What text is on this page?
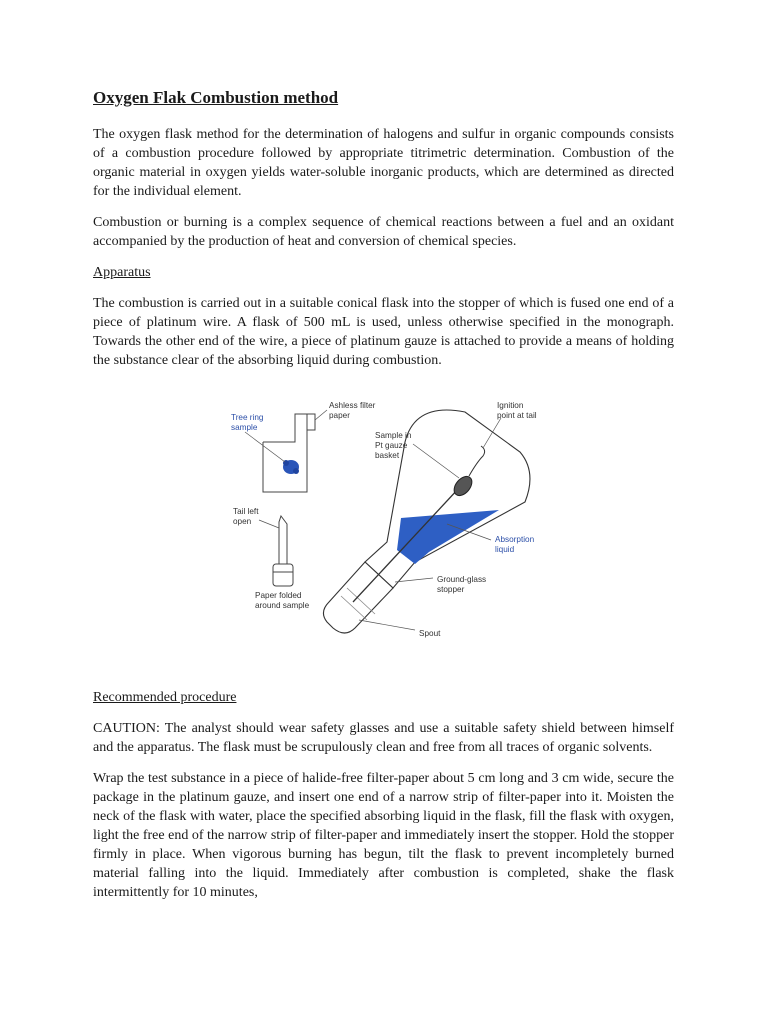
Oxygen Flak Combustion method

The oxygen flask method for the determination of halogens and sulfur in organic compounds consists of a combustion procedure followed by appropriate titrimetric determination. Combustion of the organic material in oxygen yields water-soluble inorganic products, which are determined as directed for the individual element.

Combustion or burning is a complex sequence of chemical reactions between a fuel and an oxidant accompanied by the production of heat and conversion of chemical species.

Apparatus

The combustion is carried out in a suitable conical flask into the stopper of which is fused one end of a piece of platinum wire. A flask of 500 mL is used, unless otherwise specified in the monograph. Towards the other end of the wire, a piece of platinum gauze is attached to provide a means of holding the substance clear of the absorbing liquid during combustion.

Tree ring
sample
Ashless filter
paper
Ignition
point at tail
Sample in
Pt gauze
basket
Tail left
open
Absorption
liquid
Ground-glass
stopper
Paper folded
around sample
Spout

Recommended procedure

CAUTION: The analyst should wear safety glasses and use a suitable safety shield between himself and the apparatus. The flask must be scrupulously clean and free from all traces of organic solvents.

Wrap the test substance in a piece of halide-free filter-paper about 5 cm long and 3 cm wide, secure the package in the platinum gauze, and insert one end of a narrow strip of filter-paper into it. Moisten the neck of the flask with water, place the specified absorbing liquid in the flask, fill the flask with oxygen, light the free end of the narrow strip of filter-paper and immediately insert the stopper. Hold the stopper firmly in place. When vigorous burning has begun, tilt the flask to prevent incompletely burned material falling into the liquid. Immediately after combustion is completed, shake the flask intermittently for 10 minutes,
